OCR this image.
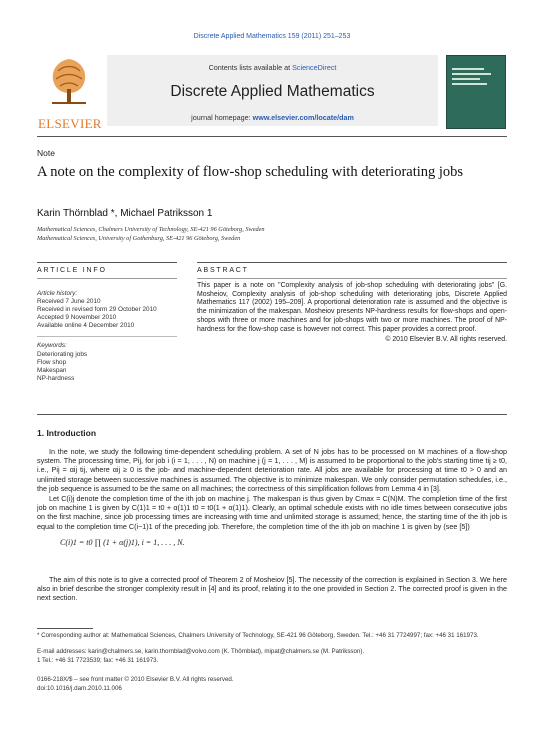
Discrete Applied Mathematics 159 (2011) 251–253
ELSEVIER
Contents lists available at ScienceDirect
Discrete Applied Mathematics
journal homepage: www.elsevier.com/locate/dam
Note
A note on the complexity of flow-shop scheduling with deteriorating jobs
Karin Thörnblad *, Michael Patriksson 1
Mathematical Sciences, Chalmers University of Technology, SE-421 96 Göteborg, Sweden
Mathematical Sciences, University of Gothenburg, SE-421 96 Göteborg, Sweden
ARTICLE INFO	ABSTRACT
Article history:
Received 7 June 2010
Received in revised form 29 October 2010
Accepted 9 November 2010
Available online 4 December 2010
Keywords:
Deteriorating jobs
Flow shop
Makespan
NP-hardness
This paper is a note on "Complexity analysis of job-shop scheduling with deteriorating jobs" [G. Mosheiov, Complexity analysis of job-shop scheduling with deteriorating jobs, Discrete Applied Mathematics 117 (2002) 195–209]. A proportional deterioration rate is assumed and the objective is the minimization of the makespan. Mosheiov presents NP-hardness results for flow-shops and open-shops with three or more machines and for job-shops with two or more machines. The proof of NP-hardness for the flow-shop case is however not correct. This paper provides a correct proof.
© 2010 Elsevier B.V. All rights reserved.
1. Introduction
In the note, we study the following time-dependent scheduling problem. A set of N jobs has to be processed on M machines of a flow-shop system. The processing time, Pij, for job i (i = 1, . . . , N) on machine j (j = 1, . . . , M) is assumed to be proportional to the job's starting time tij ≥ t0, i.e., Pij = αij tij, where αij ≥ 0 is the job- and machine-dependent deterioration rate. All jobs are available for processing at time t0 > 0 and an unlimited storage between successive machines is assumed. The objective is to minimize makespan. We only consider permutation schedules, i.e., the job sequence is assumed to be the same on all machines; the correctness of this simplification follows from Lemma 4 in [3].
Let C(i)j denote the completion time of the ith job on machine j. The makespan is thus given by Cmax = C(N)M. The completion time of the first job on machine 1 is given by C(1)1 = t0 + α(1)1 t0 = t0(1 + α(1)1). Clearly, an optimal schedule exists with no idle times between consecutive jobs on the first machine, since job processing times are increasing with time and unlimited storage is assumed; hence, the starting time of the ith job is equal to the completion time C(i−1)1 of the preceding job. Therefore, the completion time of the ith job on machine 1 is given by (see [5])
C(i)1 = t0 ∏ (1 + α(j)1), i = 1, . . . , N.
The aim of this note is to give a corrected proof of Theorem 2 of Mosheiov [5]. The necessity of the correction is explained in Section 3. We here also in brief describe the stronger complexity result in [4] and its proof, relating it to the one provided in Section 2. The corrected proof is given in the next section.
* Corresponding author at: Mathematical Sciences, Chalmers University of Technology, SE-421 96 Göteborg, Sweden. Tel.: +46 31 7724997; fax: +46 31 161973.
E-mail addresses: karin@chalmers.se, karin.thornblad@volvo.com (K. Thörnblad), mipat@chalmers.se (M. Patriksson).
1 Tel.: +46 31 7723539; fax: +46 31 161973.
0166-218X/$ – see front matter © 2010 Elsevier B.V. All rights reserved.
doi:10.1016/j.dam.2010.11.006
